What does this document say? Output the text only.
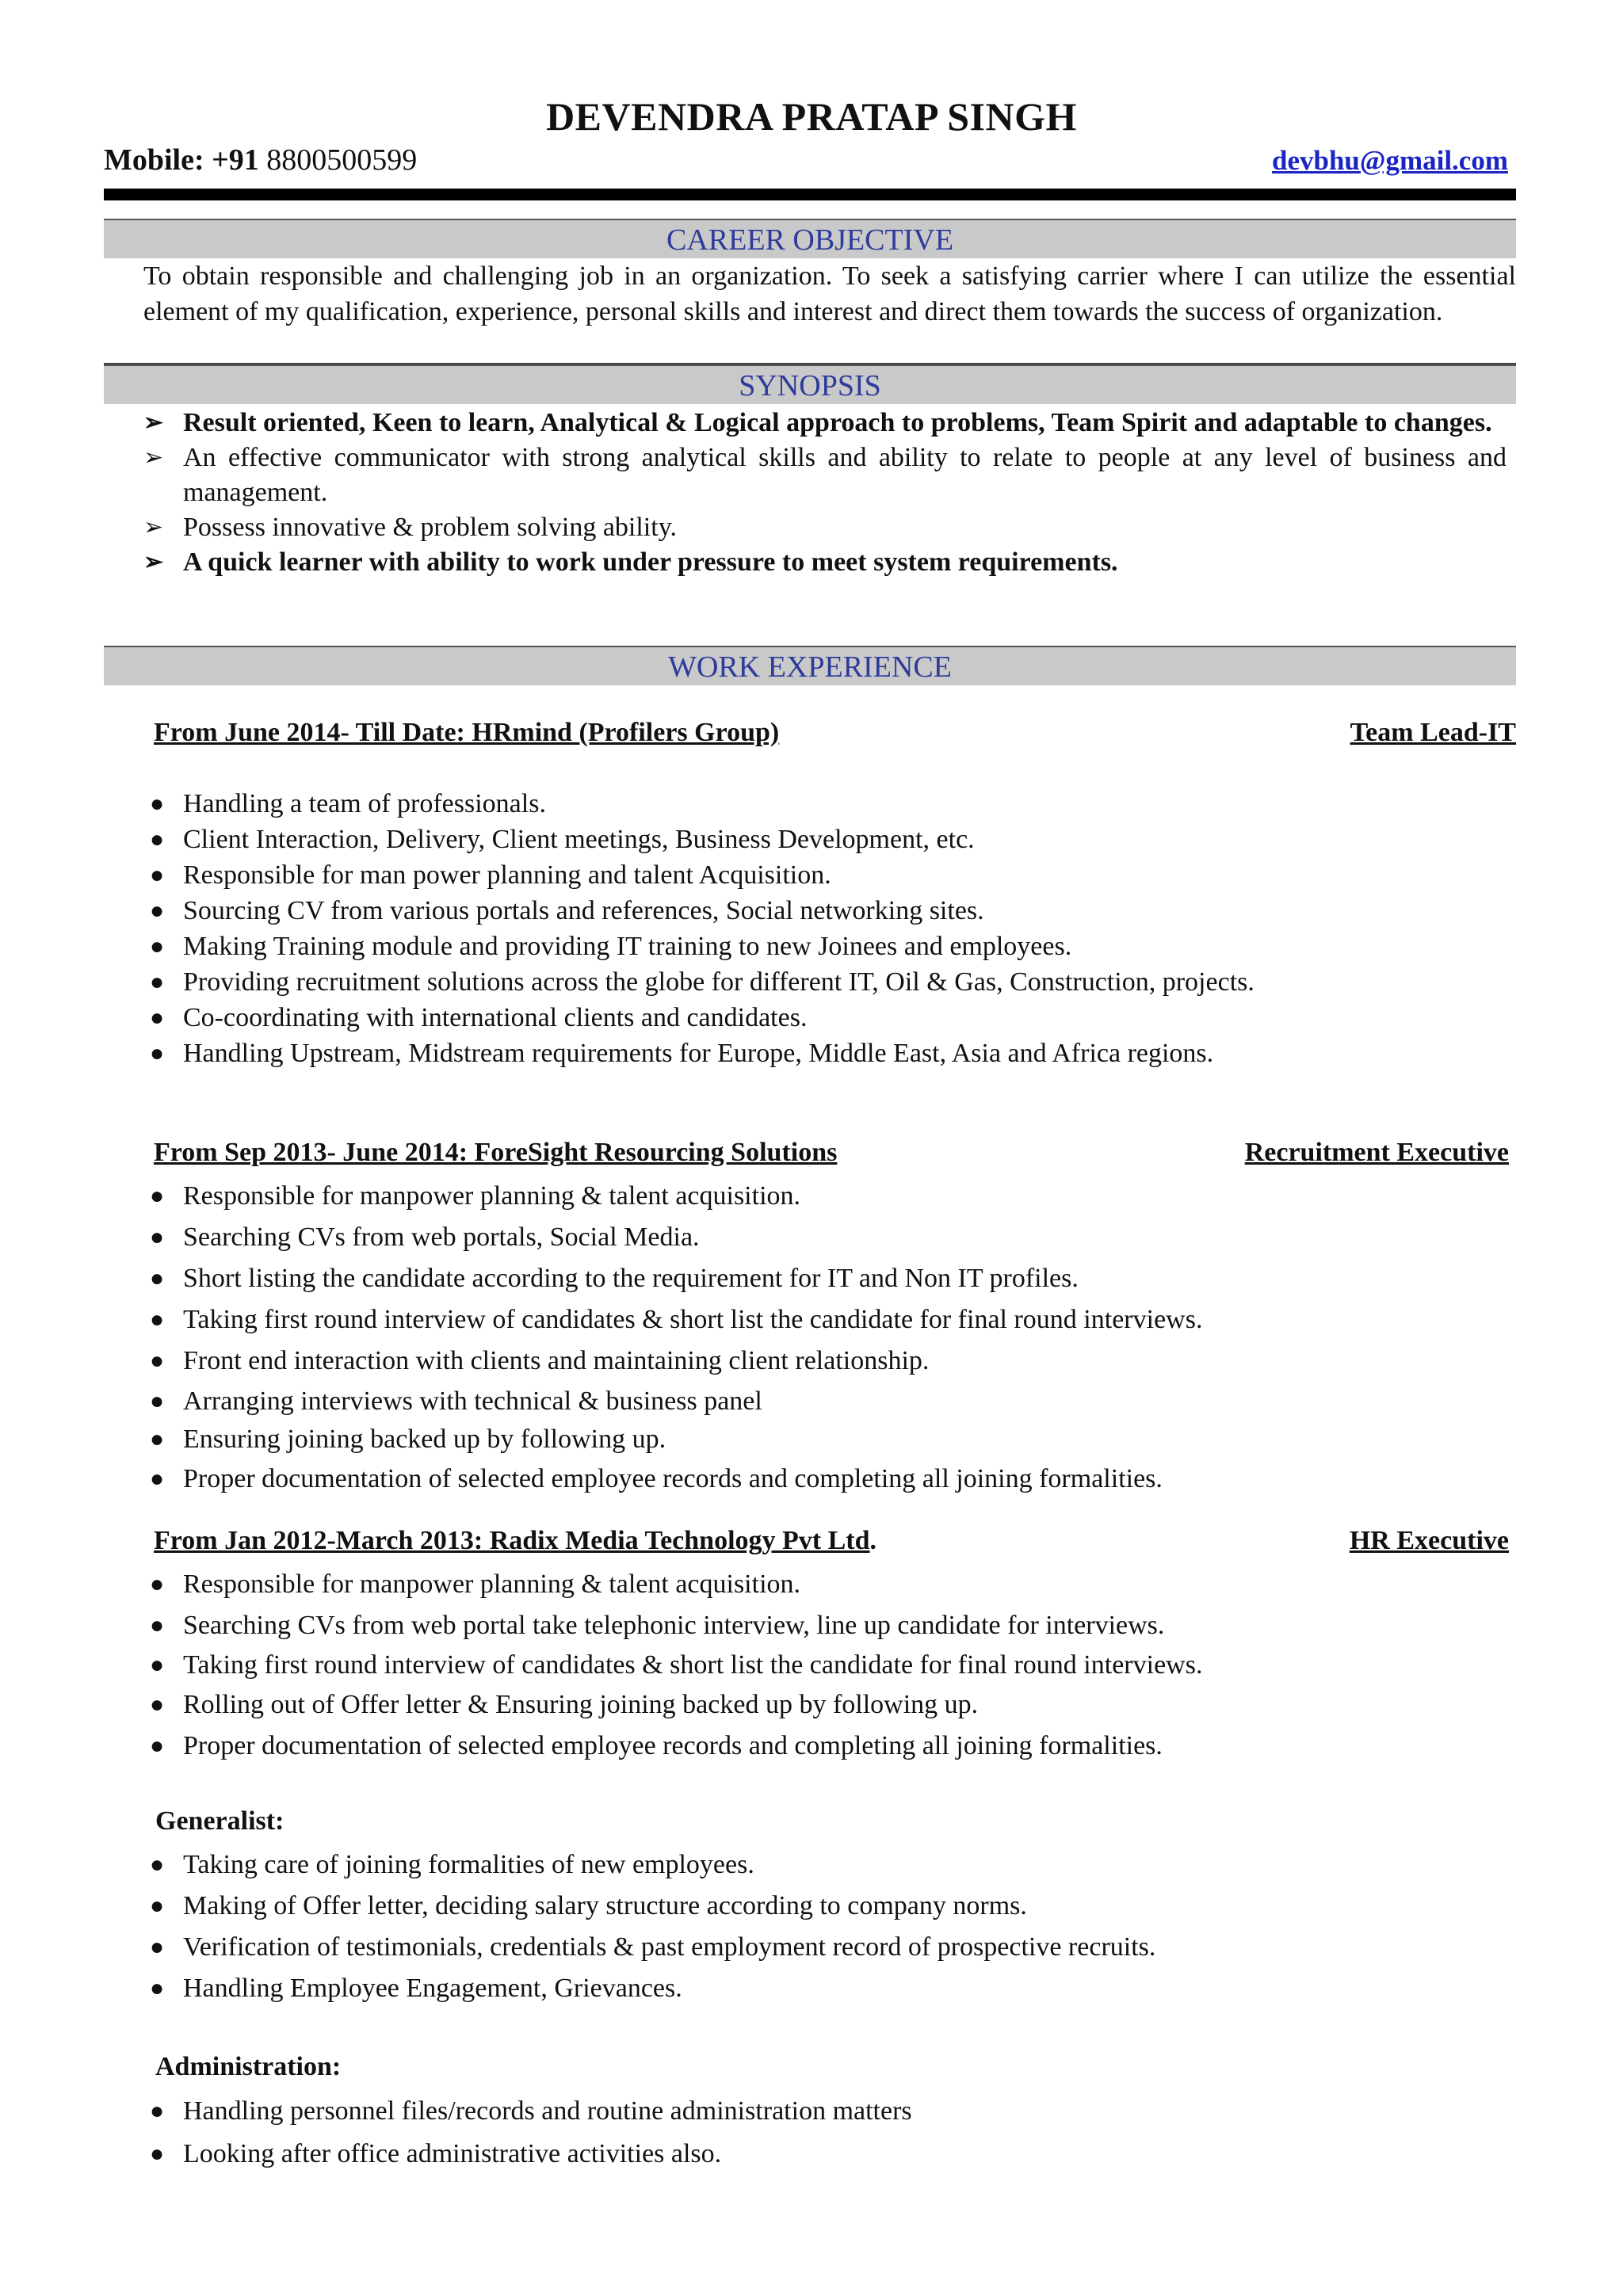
DEVENDRA PRATAP SINGH
Mobile: +91 8800500599	devbhu@gmail.com
CAREER OBJECTIVE
To obtain responsible and challenging job in an organization. To seek a satisfying carrier where I can utilize the essential element of my qualification, experience, personal skills and interest and direct them towards the success of organization.
SYNOPSIS
➢ Result oriented, Keen to learn, Analytical & Logical approach to problems, Team Spirit and adaptable to changes.
➢ An effective communicator with strong analytical skills and ability to relate to people at any level of business and management.
➢ Possess innovative & problem solving ability.
➢ A quick learner with ability to work under pressure to meet system requirements.
WORK EXPERIENCE
From June 2014- Till Date: HRmind (Profilers Group)	Team Lead-IT
● Handling a team of professionals.
● Client Interaction, Delivery, Client meetings, Business Development, etc.
● Responsible for man power planning and talent Acquisition.
● Sourcing CV from various portals and references, Social networking sites.
● Making Training module and providing IT training to new Joinees and employees.
● Providing recruitment solutions across the globe for different IT, Oil & Gas, Construction, projects.
● Co-coordinating with international clients and candidates.
● Handling Upstream, Midstream requirements for Europe, Middle East, Asia and Africa regions.
From Sep 2013- June 2014: ForeSight Resourcing Solutions	Recruitment Executive
● Responsible for manpower planning & talent acquisition.
● Searching CVs from web portals, Social Media.
● Short listing the candidate according to the requirement for IT and Non IT profiles.
● Taking first round interview of candidates & short list the candidate for final round interviews.
● Front end interaction with clients and maintaining client relationship.
● Arranging interviews with technical & business panel
● Ensuring joining backed up by following up.
● Proper documentation of selected employee records and completing all joining formalities.
From Jan 2012-March 2013: Radix Media Technology Pvt Ltd.	HR Executive
● Responsible for manpower planning & talent acquisition.
● Searching CVs from web portal take telephonic interview, line up candidate for interviews.
● Taking first round interview of candidates & short list the candidate for final round interviews.
● Rolling out of Offer letter & Ensuring joining backed up by following up.
● Proper documentation of selected employee records and completing all joining formalities.
Generalist:
● Taking care of joining formalities of new employees.
● Making of Offer letter, deciding salary structure according to company norms.
● Verification of testimonials, credentials & past employment record of prospective recruits.
● Handling Employee Engagement, Grievances.
Administration:
● Handling personnel files/records and routine administration matters
● Looking after office administrative activities also.
